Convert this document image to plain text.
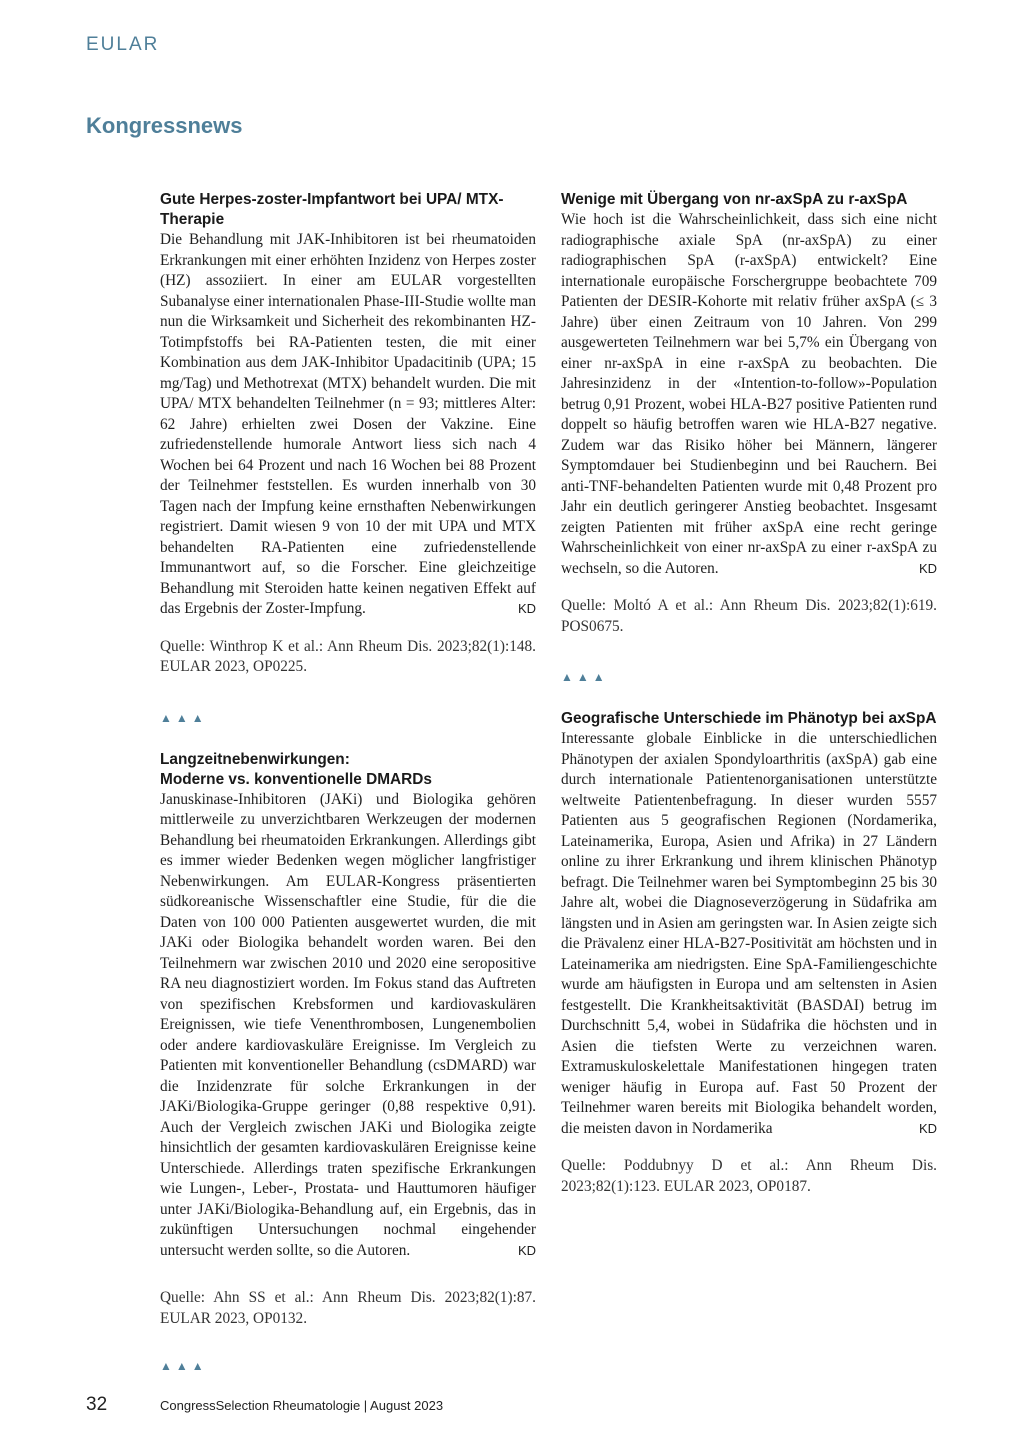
EULAR
Kongressnews
Gute Herpes-zoster-Impfantwort bei UPA/ MTX-Therapie

Die Behandlung mit JAK-Inhibitoren ist bei rheumatoiden Erkrankungen mit einer erhöhten Inzidenz von Herpes zoster (HZ) assoziiert. In einer am EULAR vorgestellten Subanalyse einer internationalen Phase-III-Studie wollte man nun die Wirksamkeit und Sicherheit des rekombinanten HZ-Totimpfstoffs bei RA-Patienten testen, die mit einer Kombination aus dem JAK-Inhibitor Upadacitinib (UPA; 15 mg/Tag) und Methotrexat (MTX) behandelt wurden. Die mit UPA/ MTX behandelten Teilnehmer (n = 93; mittleres Alter: 62 Jahre) erhielten zwei Dosen der Vakzine. Eine zufriedenstellende humorale Antwort liess sich nach 4 Wochen bei 64 Prozent und nach 16 Wochen bei 88 Prozent der Teilnehmer feststellen. Es wurden innerhalb von 30 Tagen nach der Impfung keine ernsthaften Nebenwirkungen registriert. Damit wiesen 9 von 10 der mit UPA und MTX behandelten RA-Patienten eine zufriedenstellende Immunantwort auf, so die Forscher. Eine gleichzeitige Behandlung mit Steroiden hatte keinen negativen Effekt auf das Ergebnis der Zoster-Impfung.	KD

Quelle: Winthrop K et al.: Ann Rheum Dis. 2023;82(1):148. EULAR 2023, OP0225.

▲▲▲
Langzeitnebenwirkungen:
Moderne vs. konventionelle DMARDs

Januskinase-Inhibitoren (JAKi) und Biologika gehören mittlerweile zu unverzichtbaren Werkzeugen der modernen Behandlung bei rheumatoiden Erkrankungen. Allerdings gibt es immer wieder Bedenken wegen möglicher langfristiger Nebenwirkungen. Am EULAR-Kongress präsentierten südkoreanische Wissenschaftler eine Studie, für die die Daten von 100 000 Patienten ausgewertet wurden, die mit JAKi oder Biologika behandelt worden waren. Bei den Teilnehmern war zwischen 2010 und 2020 eine seropositive RA neu diagnostiziert worden. Im Fokus stand das Auftreten von spezifischen Krebsformen und kardiovaskulären Ereignissen, wie tiefe Venenthrombosen, Lungenembolien oder andere kardiovaskuläre Ereignisse. Im Vergleich zu Patienten mit konventioneller Behandlung (csDMARD) war die Inzidenzrate für solche Erkrankungen in der JAKi/Biologika-Gruppe geringer (0,88 respektive 0,91). Auch der Vergleich zwischen JAKi und Biologika zeigte hinsichtlich der gesamten kardiovaskulären Ereignisse keine Unterschiede. Allerdings traten spezifische Erkrankungen wie Lungen-, Leber-, Prostata- und Hauttumoren häufiger unter JAKi/Biologika-Behandlung auf, ein Ergebnis, das in zukünftigen Untersuchungen nochmal eingehender untersucht werden sollte, so die Autoren.	KD

Quelle: Ahn SS et al.: Ann Rheum Dis. 2023;82(1):87. EULAR 2023, OP0132.

▲▲▲
Wenige mit Übergang von nr-axSpA zu r-axSpA

Wie hoch ist die Wahrscheinlichkeit, dass sich eine nicht radiographische axiale SpA (nr-axSpA) zu einer radiographischen SpA (r-axSpA) entwickelt? Eine internationale europäische Forschergruppe beobachtete 709 Patienten der DESIR-Kohorte mit relativ früher axSpA (≤ 3 Jahre) über einen Zeitraum von 10 Jahren. Von 299 ausgewerteten Teilnehmern war bei 5,7% ein Übergang von einer nr-axSpA in eine r-axSpA zu beobachten. Die Jahresinzidenz in der «Intention-to-follow»-Population betrug 0,91 Prozent, wobei HLA-B27 positive Patienten rund doppelt so häufig betroffen waren wie HLA-B27 negative. Zudem war das Risiko höher bei Männern, längerer Symptomdauer bei Studienbeginn und bei Rauchern. Bei anti-TNF-behandelten Patienten wurde mit 0,48 Prozent pro Jahr ein deutlich geringerer Anstieg beobachtet. Insgesamt zeigten Patienten mit früher axSpA eine recht geringe Wahrscheinlichkeit von einer nr-axSpA zu einer r-axSpA zu wechseln, so die Autoren.	KD

Quelle: Moltó A et al.: Ann Rheum Dis. 2023;82(1):619. POS0675.

▲▲▲
Geografische Unterschiede im Phänotyp bei axSpA

Interessante globale Einblicke in die unterschiedlichen Phänotypen der axialen Spondyloarthritis (axSpA) gab eine durch internationale Patientenorganisationen unterstützte weltweite Patientenbefragung. In dieser wurden 5557 Patienten aus 5 geografischen Regionen (Nordamerika, Lateinamerika, Europa, Asien und Afrika) in 27 Ländern online zu ihrer Erkrankung und ihrem klinischen Phänotyp befragt. Die Teilnehmer waren bei Symptombeginn 25 bis 30 Jahre alt, wobei die Diagnoseverzögerung in Südafrika am längsten und in Asien am geringsten war. In Asien zeigte sich die Prävalenz einer HLA-B27-Positivität am höchsten und in Lateinamerika am niedrigsten. Eine SpA-Familiengeschichte wurde am häufigsten in Europa und am seltensten in Asien festgestellt. Die Krankheitsaktivität (BASDAI) betrug im Durchschnitt 5,4, wobei in Südafrika die höchsten und in Asien die tiefsten Werte zu verzeichnen waren. Extramuskuloskelettale Manifestationen hingegen traten weniger häufig in Europa auf. Fast 50 Prozent der Teilnehmer waren bereits mit Biologika behandelt worden, die meisten davon in Nordamerika	KD

Quelle: Poddubnyy D et al.: Ann Rheum Dis. 2023;82(1):123. EULAR 2023, OP0187.

32	CongressSelection Rheumatologie | August 2023
